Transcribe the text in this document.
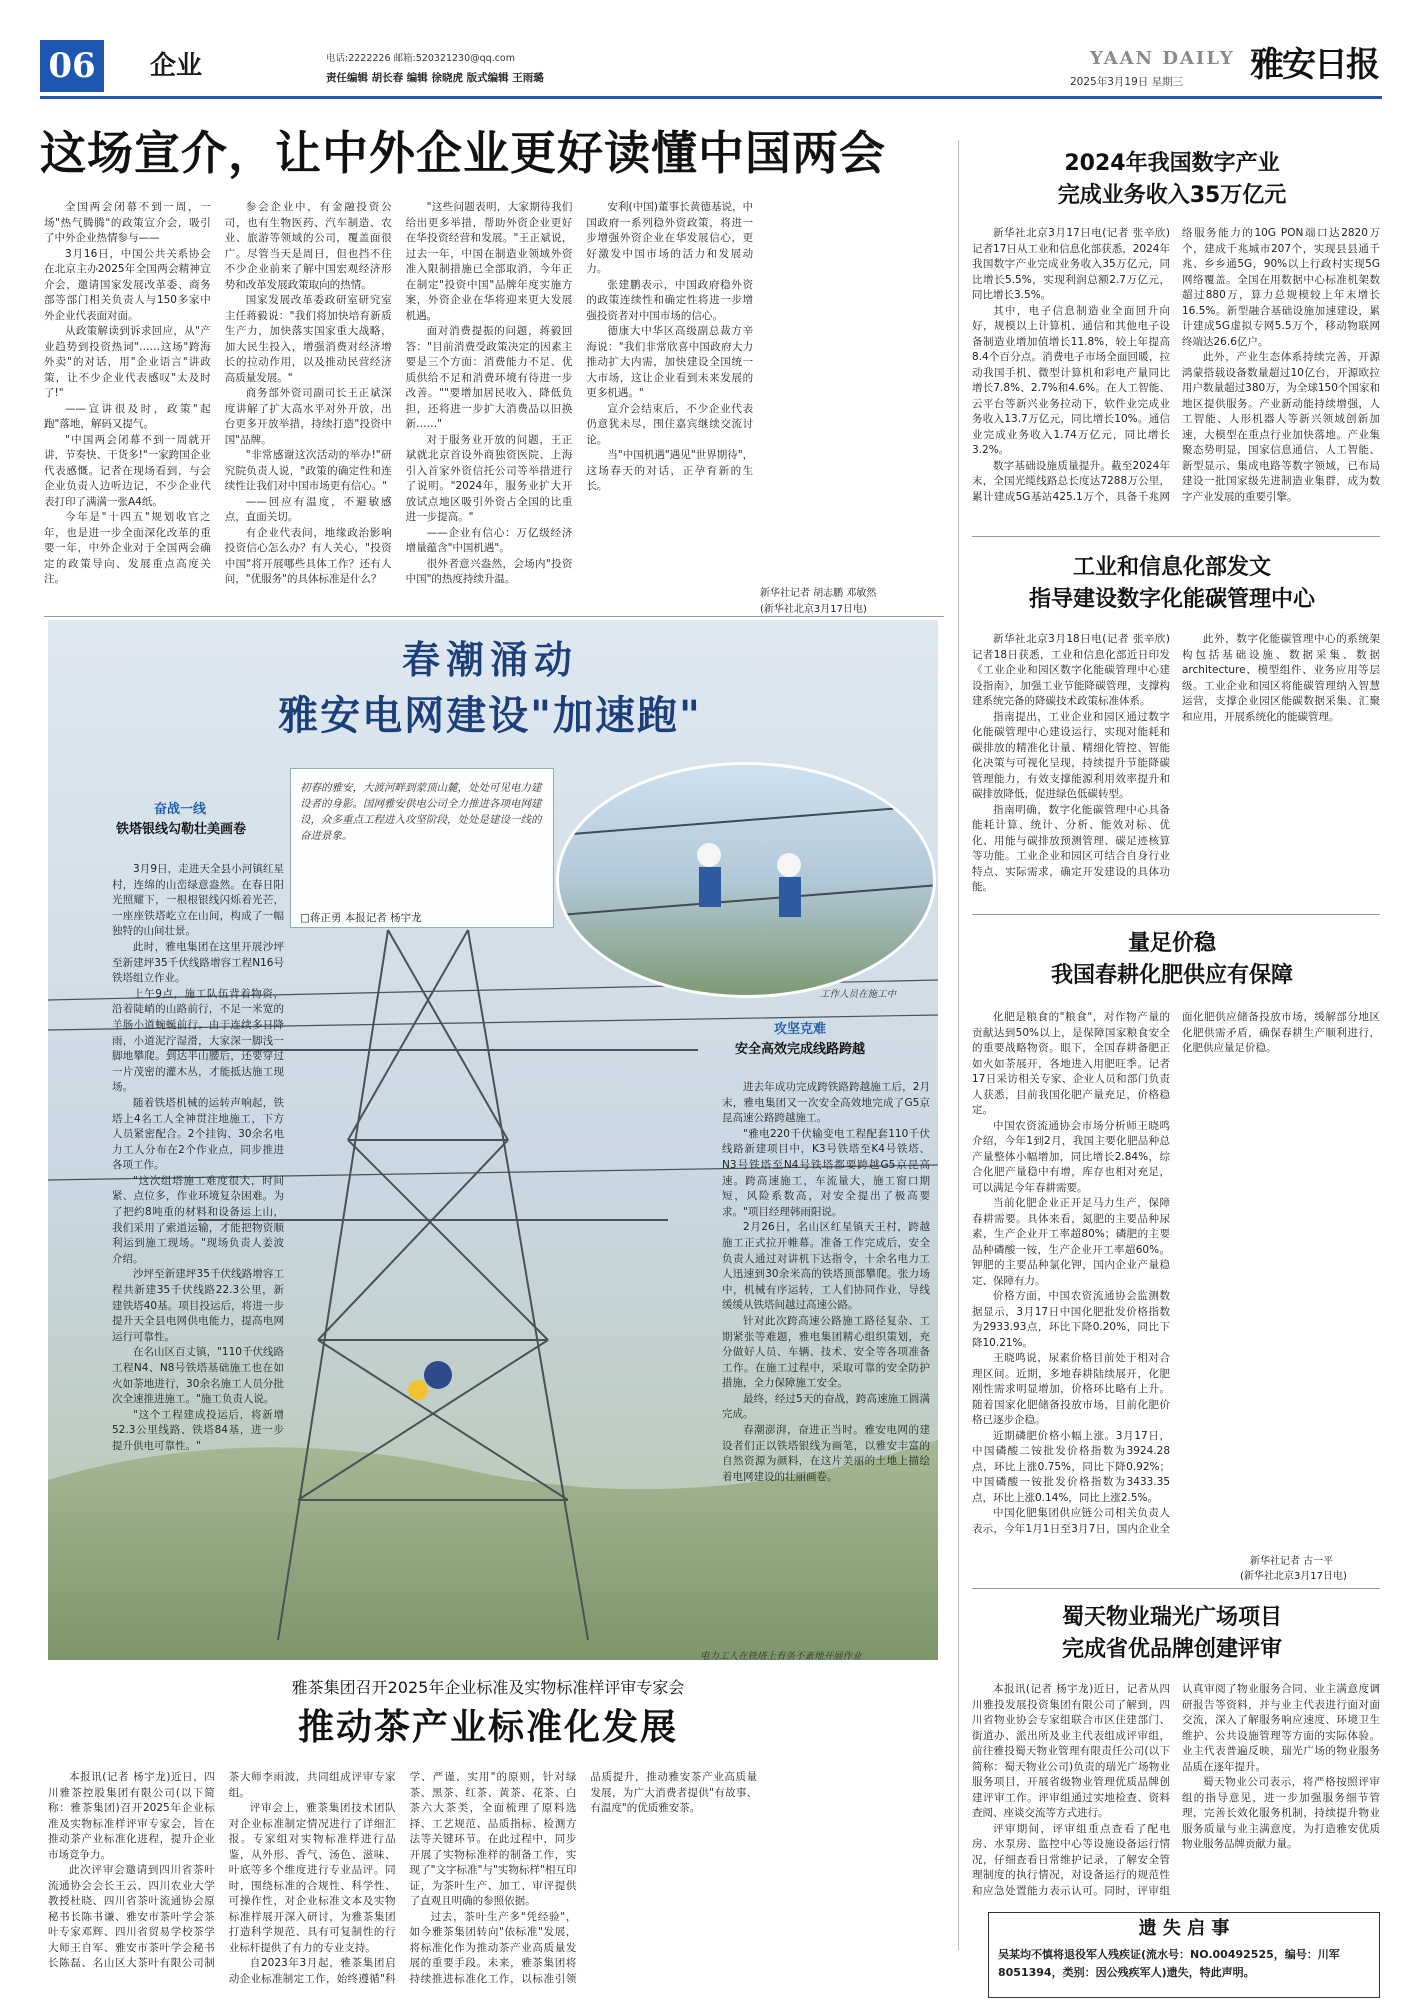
06	企业	电话:2222226 邮箱:520321230@qq.com
责任编辑 胡长春 编辑 徐晓虎 版式编辑 王雨璐
YAAN DAILY
2025年3月19日 星期三 雅安日报
这场宣介，让中外企业更好读懂中国两会

全国两会闭幕不到一周，一场"热气腾腾"的政策宣介会，吸引了中外企业热情参与——

3月16日，中国公共关系协会在北京主办2025年全国两会精神宣介会，邀请国家发展改革委、商务部等部门相关负责人与150多家中外企业代表面对面。

从政策解读到诉求回应，从"产业趋势到投资热词"……这场"跨海外卖"的对话，用"企业语言"讲政策，让不少企业代表感叹"太及时了!"

——宣讲很及时，政策"起跑"落地，解码又提气。

"中国两会闭幕不到一周就开讲，节奏快、干货多!"一家跨国企业代表感慨。记者在现场看到，与会企业负责人边听边记，不少企业代表打印了满满一张A4纸。

今年是"十四五"规划收官之年，也是进一步全面深化改革的重要一年，中外企业对于全国两会确定的政策导向、发展重点高度关注。

参会企业中，有金融投资公司，也有生物医药、汽车制造、农业、旅游等领域的公司，覆盖面很广。尽管当天是周日，但也挡不住不少企业前来了解中国宏观经济形势和改革发展政策取向的热情。

国家发展改革委政研室研究室主任蒋毅说："我们将加快培育新质生产力，加快落实国家重大战略，加大民生投入，增强消费对经济增长的拉动作用，以及推动民营经济高质量发展。"

商务部外资司副司长王正斌深度讲解了扩大高水平对外开放，出台更多开放举措，持续打造"投资中国"品牌。

"非常感谢这次活动的举办!"研究院负责人说，"政策的确定性和连续性让我们对中国市场更有信心。"

——回应有温度，不避敏感点，直面关切。

有企业代表问，地缘政治影响投资信心怎么办？有人关心，"投资中国"将开展哪些具体工作？还有人问，"优服务"的具体标准是什么？

"这些问题表明，大家期待我们给出更多举措，帮助外资企业更好在华投资经营和发展。"王正斌说，过去一年，中国在制造业领域外资准入限制措施已全部取消，今年正在制定"投资中国"品牌年度实施方案，外资企业在华将迎来更大发展机遇。

面对消费提振的问题，蒋毅回答："目前消费受政策决定的因素主要是三个方面：消费能力不足、优质供给不足和消费环境有待进一步改善。""要增加居民收入、降低负担，还将进一步扩大消费品以旧换新……"

对于服务业开放的问题，王正斌就北京首设外商独资医院、上海引入首家外资信托公司等举措进行了说明。"2024年，服务业扩大开放试点地区吸引外资占全国的比重进一步提高。"

——企业有信心：万亿级经济增量蕴含"中国机遇"。

很外者意兴盎然，会场内"投资中国"的热度持续升温。

安利(中国)董事长黄德基说，中国政府一系列稳外资政策，将进一步增强外资企业在华发展信心，更好激发中国市场的活力和发展动力。

张建鹏表示，中国政府稳外资的政策连续性和确定性将进一步增强投资者对中国市场的信心。

德康大中华区高级副总裁方辛海说："我们非常欣喜中国政府大力推动扩大内需，加快建设全国统一大市场，这让企业看到未来发展的更多机遇。"

宣介会结束后，不少企业代表仍意犹未尽，围住嘉宾继续交流讨论。

当"中国机遇"遇见"世界期待"，这场春天的对话，正孕育新的生长。

新华社记者 胡志鹏 邓敏然
(新华社北京3月17日电)
2024年我国数字产业
完成业务收入35万亿元

新华社北京3月17日电(记者 张辛欣)记者17日从工业和信息化部获悉，2024年我国数字产业完成业务收入35万亿元，同比增长5.5%，实现利润总额2.7万亿元，同比增长3.5%。

其中，电子信息制造业全面回升向好，规模以上计算机、通信和其他电子设备制造业增加值增长11.8%，较上年提高8.4个百分点。消费电子市场全面回暖，拉动我国手机、微型计算机和彩电产量同比增长7.8%、2.7%和4.6%。在人工智能、云平台等新兴业务拉动下，软件业完成业务收入13.7万亿元，同比增长10%。通信业完成业务收入1.74万亿元，同比增长3.2%。

数字基础设施质量提升。截至2024年末，全国光缆线路总长度达7288万公里，累计建成5G基站425.1万个，具备千兆网络服务能力的10G PON端口达2820万个，建成千兆城市207个，实现县县通千兆、乡乡通5G，90%以上行政村实现5G网络覆盖。全国在用数据中心标准机架数超过880万，算力总规模较上年末增长16.5%。新型融合基础设施加速建设，累计建成5G虚拟专网5.5万个，移动物联网终端达26.6亿户。

此外，产业生态体系持续完善，开源鸿蒙搭载设备数量超过10亿台，开源欧拉用户数量超过380万，为全球150个国家和地区提供服务。产业新动能持续增强，人工智能、人形机器人等新兴领域创新加速，大模型在重点行业加快落地。产业集聚态势明显，国家信息通信、人工智能、新型显示、集成电路等数字领域，已布局建设一批国家级先进制造业集群，成为数字产业发展的重要引擎。

工业和信息化部发文
指导建设数字化能碳管理中心

新华社北京3月18日电(记者 张辛欣)记者18日获悉，工业和信息化部近日印发《工业企业和园区数字化能碳管理中心建设指南》，加强工业节能降碳管理，支撑构建系统完备的降碳技术政策标准体系。

指南提出，工业企业和园区通过数字化能碳管理中心建设运行，实现对能耗和碳排放的精准化计量、精细化管控、智能化决策与可视化呈现，持续提升节能降碳管理能力，有效支撑能源利用效率提升和碳排放降低，促进绿色低碳转型。

指南明确，数字化能碳管理中心具备能耗计算、统计、分析、能效对标、优化、用能与碳排放预测管理、碳足迹核算等功能。工业企业和园区可结合自身行业特点、实际需求，确定开发建设的具体功能。

此外，数字化能碳管理中心的系统架构包括基础设施、数据采集、数据architecture、模型组件、业务应用等层级。工业企业和园区将能碳管理纳入智慧运营，支撑企业园区能碳数据采集、汇聚和应用，开展系统化的能碳管理。

量足价稳
我国春耕化肥供应有保障

化肥是粮食的"粮食"，对作物产量的贡献达到50%以上，是保障国家粮食安全的重要战略物资。眼下，全国春耕备肥正如火如荼展开，各地进入用肥旺季。记者17日采访相关专家、企业人员和部门负责人获悉，目前我国化肥产量充足，价格稳定。

中国农资流通协会市场分析师王晓鸣介绍，今年1到2月，我国主要化肥品种总产量整体小幅增加，同比增长2.84%，综合化肥产量稳中有增，库存也相对充足，可以满足今年春耕需要。

当前化肥企业正开足马力生产，保障春耕需要。具体来看，氮肥的主要品种尿素，生产企业开工率超80%；磷肥的主要品种磷酸一铵，生产企业开工率超60%。钾肥的主要品种氯化钾，国内企业产量稳定、保障有力。

价格方面，中国农资流通协会监测数据显示，3月17日中国化肥批发价格指数为2933.93点，环比下降0.20%，同比下降10.21%。

王晓鸣说，尿素价格目前处于相对合理区间。近期，多地春耕陆续展开，化肥刚性需求明显增加，价格环比略有上升。随着国家化肥储备投放市场，目前化肥价格已逐步企稳。

近期磷肥价格小幅上涨。3月17日，中国磷酸二铵批发价格指数为3924.28点，环比上涨0.75%，同比下降0.92%；中国磷酸一铵批发价格指数为3433.35点，环比上涨0.14%，同比上涨2.5%。

中国化肥集团供应链公司相关负责人表示，今年1月1日至3月7日，国内企业全面化肥供应储备投放市场，缓解部分地区化肥供需矛盾，确保春耕生产顺利进行，化肥供应量足价稳。

新华社记者 古一平
(新华社北京3月17日电)
蜀天物业瑞光广场项目
完成省优品牌创建评审

本报讯(记者 杨宇龙)近日，记者从四川雅投发展投资集团有限公司了解到，四川省物业协会专家组联合市区住建部门、街道办、派出所及业主代表组成评审组，前往雅投蜀天物业管理有限责任公司(以下简称：蜀天物业公司)负责的瑞光广场物业服务项目，开展省级物业管理优质品牌创建评审工作。评审组通过实地检查、资料查阅、座谈交流等方式进行。

评审期间，评审组重点查看了配电房、水泵房、监控中心等设施设备运行情况，仔细查看日常维护记录，了解安全管理制度的执行情况，对设备运行的规范性和应急处置能力表示认可。同时，评审组认真审阅了物业服务合同、业主满意度调研报告等资料，并与业主代表进行面对面交流，深入了解服务响应速度、环境卫生维护、公共设施管理等方面的实际体验。业主代表普遍反映，瑞光广场的物业服务品质在逐年提升。

蜀天物业公司表示，将严格按照评审组的指导意见，进一步加强服务细节管理，完善长效化服务机制，持续提升物业服务质量与业主满意度，为打造雅安优质物业服务品牌贡献力量。

遗 失 启 事
吴某均不慎将退役军人残疾证(流水号：NO.00492525，编号：川军8051394，类别：因公残疾军人)遗失，特此声明。
春潮涌动
雅安电网建设"加速跑"
初春的雅安，大渡河畔到蒙顶山麓，处处可见电力建设者的身影。国网雅安供电公司全力推进各项电网建设，众多重点工程进入攻坚阶段，处处是建设一线的奋进景象。
□蒋正勇 本报记者 杨宇龙
工作人员在施工中
奋战一线
铁塔银线勾勒壮美画卷

3月9日，走进天全县小河镇红星村，连绵的山峦绿意盎然。在春日阳光照耀下，一根根银线闪烁着光芒，一座座铁塔屹立在山间，构成了一幅独特的山间壮景。

此时，雅电集团在这里开展沙坪至新建坪35千伏线路增容工程N16号铁塔组立作业。

上午9点，施工队伍背着物资，沿着陡峭的山路前行，不足一米宽的羊肠小道蜿蜒前行。由于连续多日降雨，小道泥泞湿滑，大家深一脚浅一脚地攀爬。到达半山腰后，还要穿过一片茂密的灌木丛，才能抵达施工现场。

随着铁塔机械的运转声响起，铁塔上4名工人全神贯注地施工，下方人员紧密配合。2个挂钩、30余名电力工人分布在2个作业点，同步推进各项工作。

"这次组塔施工难度很大，时间紧、点位多，作业环境复杂困难。为了把约8吨重的材料和设备运上山，我们采用了索道运输，才能把物资顺利运到施工现场。"现场负责人姜波介绍。

沙坪至新建坪35千伏线路增容工程共新建35千伏线路22.3公里，新建铁塔40基。项目投运后，将进一步提升天全县电网供电能力，提高电网运行可靠性。

在名山区百丈镇，"110千伏线路工程N4、N8号铁塔基础施工也在如火如荼地进行，30余名施工人员分批次全速推进施工。"施工负责人说。

"这个工程建成投运后，将新增52.3公里线路、铁塔84基，进一步提升供电可靠性。"

攻坚克难
安全高效完成线路跨越

进去年成功完成跨铁路跨越施工后，2月末，雅电集团又一次安全高效地完成了G5京昆高速公路跨越施工。

"雅电220千伏输变电工程配套110千伏线路新建项目中，K3号铁塔至K4号铁塔、N3号铁塔至N4号铁塔都要跨越G5京昆高速。跨高速施工，车流量大，施工窗口期短，风险系数高，对安全提出了极高要求。"项目经理韩雨阳说。

2月26日，名山区红星镇天王村，跨越施工正式拉开帷幕。准备工作完成后，安全负责人通过对讲机下达指令，十余名电力工人迅速到30余米高的铁塔顶部攀爬。张力场中，机械有序运转，工人们协同作业，导线缓缓从铁塔间越过高速公路。

针对此次跨高速公路施工路径复杂、工期紧张等难题，雅电集团精心组织策划，充分做好人员、车辆、技术、安全等各项准备工作。在施工过程中，采取可靠的安全防护措施，全力保障施工安全。

最终，经过5天的奋战，跨高速施工圆满完成。

春潮澎湃，奋进正当时。雅安电网的建设者们正以铁塔银线为画笔，以雅安丰富的自然资源为颜料，在这片美丽的土地上描绘着电网建设的壮丽画卷。

电力工人在铁塔上有条不紊地开展作业
雅茶集团召开2025年企业标准及实物标准样评审专家会
推动茶产业标准化发展

本报讯(记者 杨宇龙)近日，四川雅茶控股集团有限公司(以下简称：雅茶集团)召开2025年企业标准及实物标准样评审专家会，旨在推动茶产业标准化进程，提升企业市场竞争力。

此次评审会邀请到四川省茶叶流通协会会长王云、四川农业大学教授杜晓、四川省茶叶流通协会原秘书长陈书谦、雅安市茶叶学会茶叶专家邓辉、四川省贸易学校茶学大师王自军、雅安市茶叶学会秘书长陈磊、名山区大茶叶有限公司制茶大师李雨波，共同组成评审专家组。

评审会上，雅茶集团技术团队对企业标准制定情况进行了详细汇报。专家组对实物标准样进行品鉴，从外形、香气、汤色、滋味、叶底等多个维度进行专业品评。同时，围绕标准的合规性、科学性、可操作性，对企业标准文本及实物标准样展开深入研讨，为雅茶集团打造科学规范、具有可复制性的行业标杆提供了有力的专业支持。

自2023年3月起，雅茶集团启动企业标准制定工作，始终遵循"科学、严谨、实用"的原则，针对绿茶、黑茶、红茶、黄茶、花茶、白茶六大茶类，全面梳理了原料选择、工艺规范、品质指标、检测方法等关键环节。在此过程中，同步开展了实物标准样的制备工作，实现了"文字标准"与"实物标样"相互印证，为茶叶生产、加工、审评提供了直观且明确的参照依据。

过去，茶叶生产多"凭经验"，如今雅茶集团转向"依标准"发展，将标准化作为推动茶产业高质量发展的重要手段。未来，雅茶集团将持续推进标准化工作，以标准引领品质提升，推动雅安茶产业高质量发展，为广大消费者提供"有故事、有温度"的优质雅安茶。
